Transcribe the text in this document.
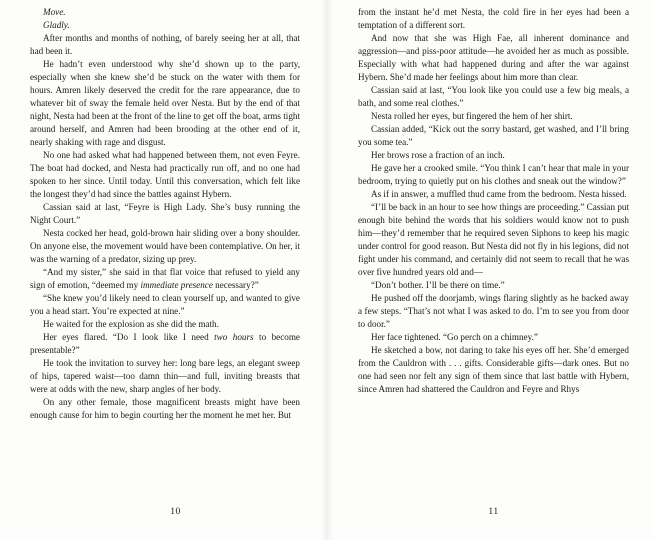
Move.

Gladly.

After months and months of nothing, of barely seeing her at all, that had been it.

He hadn’t even understood why she’d shown up to the party, especially when she knew she’d be stuck on the water with them for hours. Amren likely deserved the credit for the rare appearance, due to whatever bit of sway the female held over Nesta. But by the end of that night, Nesta had been at the front of the line to get off the boat, arms tight around herself, and Amren had been brooding at the other end of it, nearly shaking with rage and disgust.

No one had asked what had happened between them, not even Feyre. The boat had docked, and Nesta had practically run off, and no one had spoken to her since. Until today. Until this conversation, which felt like the longest they’d had since the battles against Hybern.

Cassian said at last, “Feyre is High Lady. She’s busy running the Night Court.”

Nesta cocked her head, gold-brown hair sliding over a bony shoulder. On anyone else, the movement would have been contemplative. On her, it was the warning of a predator, sizing up prey.

“And my sister,” she said in that flat voice that refused to yield any sign of emotion, “deemed my immediate presence necessary?”

“She knew you’d likely need to clean yourself up, and wanted to give you a head start. You’re expected at nine.”

He waited for the explosion as she did the math.

Her eyes flared. “Do I look like I need two hours to become presentable?”

He took the invitation to survey her: long bare legs, an elegant sweep of hips, tapered waist—too damn thin—and full, inviting breasts that were at odds with the new, sharp angles of her body.

On any other female, those magnificent breasts might have been enough cause for him to begin courting her the moment he met her. But

10

from the instant he’d met Nesta, the cold fire in her eyes had been a temptation of a different sort.

And now that she was High Fae, all inherent dominance and aggression—and piss-poor attitude—he avoided her as much as possible. Especially with what had happened during and after the war against Hybern. She’d made her feelings about him more than clear.

Cassian said at last, “You look like you could use a few big meals, a bath, and some real clothes.”

Nesta rolled her eyes, but fingered the hem of her shirt.

Cassian added, “Kick out the sorry bastard, get washed, and I’ll bring you some tea.”

Her brows rose a fraction of an inch.

He gave her a crooked smile. “You think I can’t hear that male in your bedroom, trying to quietly put on his clothes and sneak out the window?”

As if in answer, a muffled thud came from the bedroom. Nesta hissed.

“I’ll be back in an hour to see how things are proceeding.” Cassian put enough bite behind the words that his soldiers would know not to push him—they’d remember that he required seven Siphons to keep his magic under control for good reason. But Nesta did not fly in his legions, did not fight under his command, and certainly did not seem to recall that he was over five hundred years old and—

“Don’t bother. I’ll be there on time.”

He pushed off the doorjamb, wings flaring slightly as he backed away a few steps. “That’s not what I was asked to do. I’m to see you from door to door.”

Her face tightened. “Go perch on a chimney.”

He sketched a bow, not daring to take his eyes off her. She’d emerged from the Cauldron with . . . gifts. Considerable gifts—dark ones. But no one had seen nor felt any sign of them since that last battle with Hybern, since Amren had shattered the Cauldron and Feyre and Rhys

11
